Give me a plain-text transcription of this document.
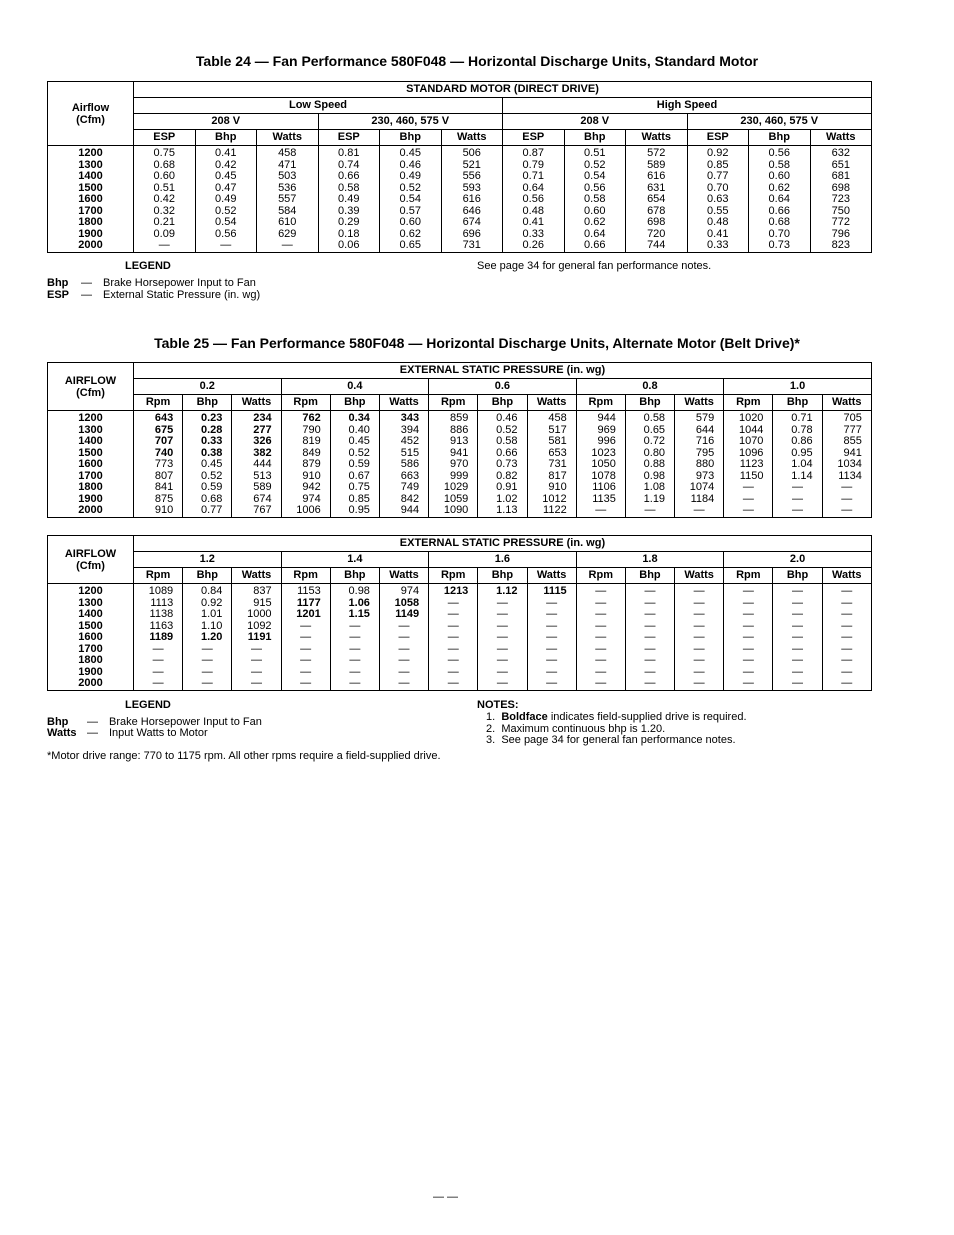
Table 24 — Fan Performance 580F048 — Horizontal Discharge Units, Standard Motor
Airflow
(Cfm)	STANDARD MOTOR (DIRECT DRIVE)											
	Low Speed						High Speed					
	208 V			230, 460, 575 V			208 V			230, 460, 575 V		
	ESP	Bhp	Watts	ESP	Bhp	Watts	ESP	Bhp	Watts	ESP	Bhp	Watts
1200	0.75	0.41	458	0.81	0.45	506	0.87	0.51	572	0.92	0.56	632
1300	0.68	0.42	471	0.74	0.46	521	0.79	0.52	589	0.85	0.58	651
1400	0.60	0.45	503	0.66	0.49	556	0.71	0.54	616	0.77	0.60	681
1500	0.51	0.47	536	0.58	0.52	593	0.64	0.56	631	0.70	0.62	698
1600	0.42	0.49	557	0.49	0.54	616	0.56	0.58	654	0.63	0.64	723
1700	0.32	0.52	584	0.39	0.57	646	0.48	0.60	678	0.55	0.66	750
1800	0.21	0.54	610	0.29	0.60	674	0.41	0.62	698	0.48	0.68	772
1900	0.09	0.56	629	0.18	0.62	696	0.33	0.64	720	0.41	0.70	796
2000	—	—	—	0.06	0.65	731	0.26	0.66	744	0.33	0.73	823
LEGEND	See page 34 for general fan performance notes.
Bhp — Brake Horsepower Input to Fan
ESP — External Static Pressure (in. wg)
Table 25 — Fan Performance 580F048 — Horizontal Discharge Units, Alternate Motor (Belt Drive)*
AIRFLOW
(Cfm)	EXTERNAL STATIC PRESSURE (in. wg)														
	0.2			0.4			0.6			0.8			1.0		
	Rpm	Bhp	Watts	Rpm	Bhp	Watts	Rpm	Bhp	Watts	Rpm	Bhp	Watts	Rpm	Bhp	Watts
1200	643	0.23	234	762	0.34	343	859	0.46	458	944	0.58	579	1020	0.71	705
1300	675	0.28	277	790	0.40	394	886	0.52	517	969	0.65	644	1044	0.78	777
1400	707	0.33	326	819	0.45	452	913	0.58	581	996	0.72	716	1070	0.86	855
1500	740	0.38	382	849	0.52	515	941	0.66	653	1023	0.80	795	1096	0.95	941
1600	773	0.45	444	879	0.59	586	970	0.73	731	1050	0.88	880	1123	1.04	1034
1700	807	0.52	513	910	0.67	663	999	0.82	817	1078	0.98	973	1150	1.14	1134
1800	841	0.59	589	942	0.75	749	1029	0.91	910	1106	1.08	1074	—	—	—
1900	875	0.68	674	974	0.85	842	1059	1.02	1012	1135	1.19	1184	—	—	—
2000	910	0.77	767	1006	0.95	944	1090	1.13	1122	—	—	—	—	—	—
AIRFLOW
(Cfm)	EXTERNAL STATIC PRESSURE (in. wg)														
	1.2			1.4			1.6			1.8			2.0		
	Rpm	Bhp	Watts	Rpm	Bhp	Watts	Rpm	Bhp	Watts	Rpm	Bhp	Watts	Rpm	Bhp	Watts
1200	1089	0.84	837	1153	0.98	974	1213	1.12	1115	—	—	—	—	—	—
1300	1113	0.92	915	1177	1.06	1058	—	—	—	—	—	—	—	—	—
1400	1138	1.01	1000	1201	1.15	1149	—	—	—	—	—	—	—	—	—
1500	1163	1.10	1092	—	—	—	—	—	—	—	—	—	—	—	—
1600	1189	1.20	1191	—	—	—	—	—	—	—	—	—	—	—	—
1700	—	—	—	—	—	—	—	—	—	—	—	—	—	—	—
1800	—	—	—	—	—	—	—	—	—	—	—	—	—	—	—
1900	—	—	—	—	—	—	—	—	—	—	—	—	—	—	—
2000	—	—	—	—	—	—	—	—	—	—	—	—	—	—	—
LEGEND
Bhp — Brake Horsepower Input to Fan
Watts — Input Watts to Motor
*Motor drive range: 770 to 1175 rpm. All other rpms require a field-supplied drive.
NOTES:
1. Boldface indicates field-supplied drive is required.
2. Maximum continuous bhp is 1.20.
3. See page 34 for general fan performance notes.
— —
